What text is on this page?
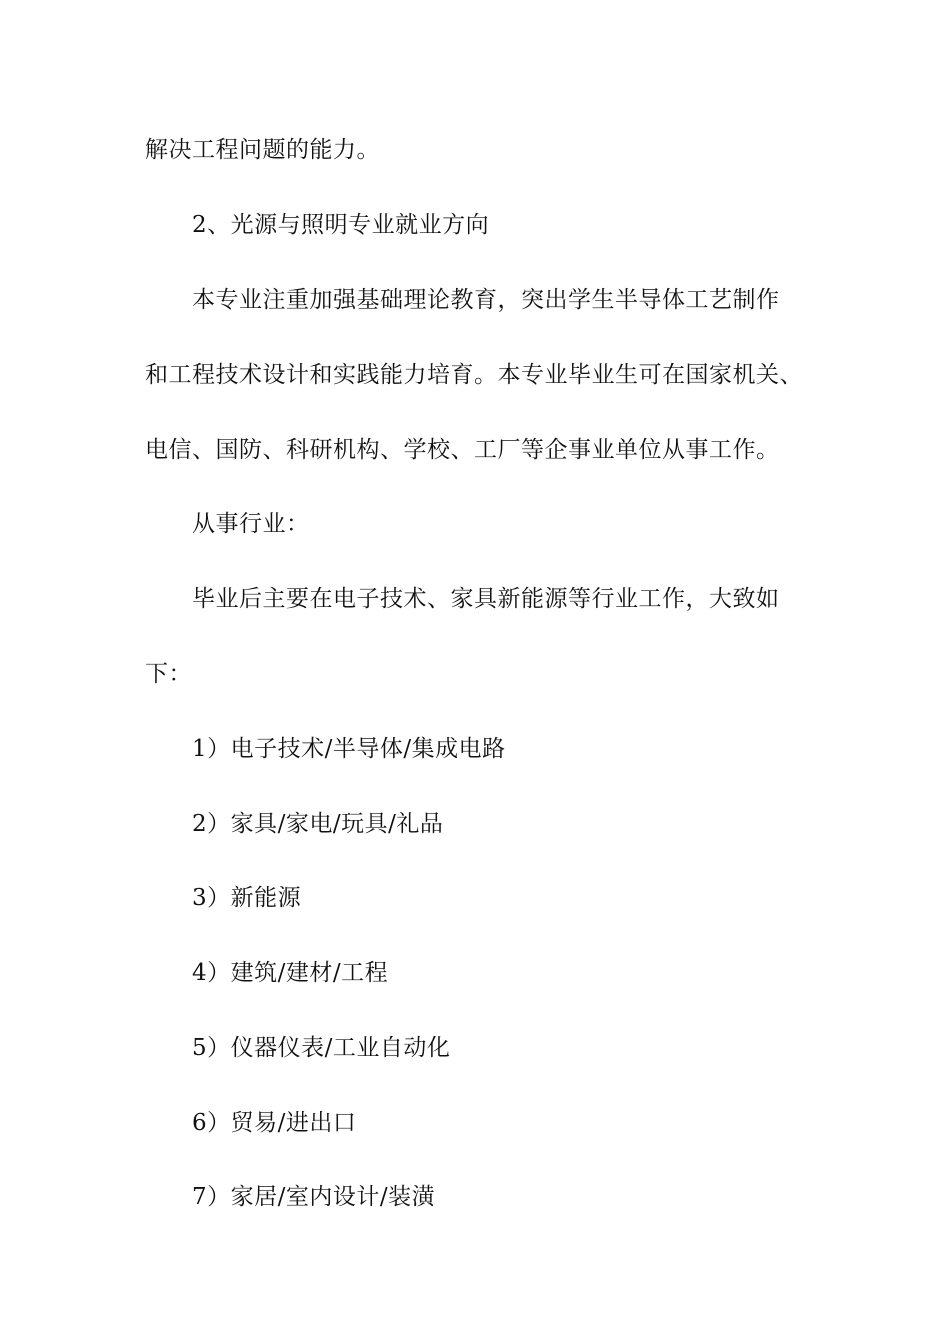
解决工程问题的能力。
2、光源与照明专业就业方向
本专业注重加强基础理论教育，突出学生半导体工艺制作
和工程技术设计和实践能力培育。本专业毕业生可在国家机关、
电信、国防、科研机构、学校、工厂等企事业单位从事工作。
从事行业：
毕业后主要在电子技术、家具新能源等行业工作，大致如
下：
1）电子技术/半导体/集成电路
2）家具/家电/玩具/礼品
3）新能源
4）建筑/建材/工程
5）仪器仪表/工业自动化
6）贸易/进出口
7）家居/室内设计/装潢
